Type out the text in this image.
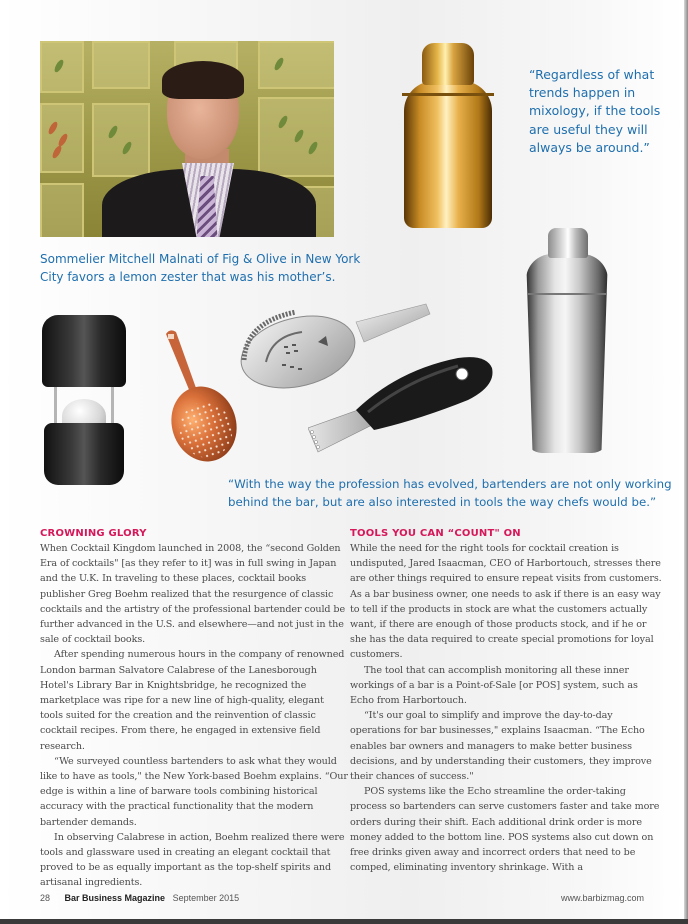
“Regardless of what trends happen in mixology, if the tools are useful they will always be around.”
Sommelier Mitchell Malnati of Fig & Olive in New York City favors a lemon zester that was his mother’s.
“With the way the profession has evolved, bartenders are not only working
behind the bar, but are also interested in tools the way chefs would be.”
CROWNING GLORY

When Cocktail Kingdom launched in 2008, the “second Golden Era of cocktails" [as they refer to it] was in full swing in Japan and the U.K. In traveling to these places, cocktail books publisher Greg Boehm realized that the resurgence of classic cocktails and the artistry of the professional bartender could be further advanced in the U.S. and elsewhere—and not just in the sale of cocktail books.

After spending numerous hours in the company of renowned London barman Salvatore Calabrese of the Lanesborough Hotel's Library Bar in Knightsbridge, he recognized the marketplace was ripe for a new line of high-quality, elegant tools suited for the creation and the reinvention of classic cocktail recipes. From there, he engaged in extensive field research.

“We surveyed countless bartenders to ask what they would like to have as tools," the New York-based Boehm explains. “Our edge is within a line of barware tools combining historical accuracy with the practical functionality that the modern bartender demands.

In observing Calabrese in action, Boehm realized there were tools and glassware used in creating an elegant cocktail that proved to be as equally important as the top-shelf spirits and artisanal ingredients.

TOOLS YOU CAN “COUNT" ON

While the need for the right tools for cocktail creation is undisputed, Jared Isaacman, CEO of Harbortouch, stresses there are other things required to ensure repeat visits from customers. As a bar business owner, one needs to ask if there is an easy way to tell if the products in stock are what the customers actually want, if there are enough of those products stock, and if he or she has the data required to create special promotions for loyal customers.

The tool that can accomplish monitoring all these inner workings of a bar is a Point-of-Sale [or POS] system, such as Echo from Harbortouch.

“It's our goal to simplify and improve the day-to-day operations for bar businesses," explains Isaacman. “The Echo enables bar owners and managers to make better business decisions, and by understanding their customers, they improve their chances of success."

POS systems like the Echo streamline the order-taking process so bartenders can serve customers faster and take more orders during their shift. Each additional drink order is more money added to the bottom line. POS systems also cut down on free drinks given away and incorrect orders that need to be comped, eliminating inventory shrinkage. With a

28 Bar Business Magazine September 2015	www.barbizmag.com
